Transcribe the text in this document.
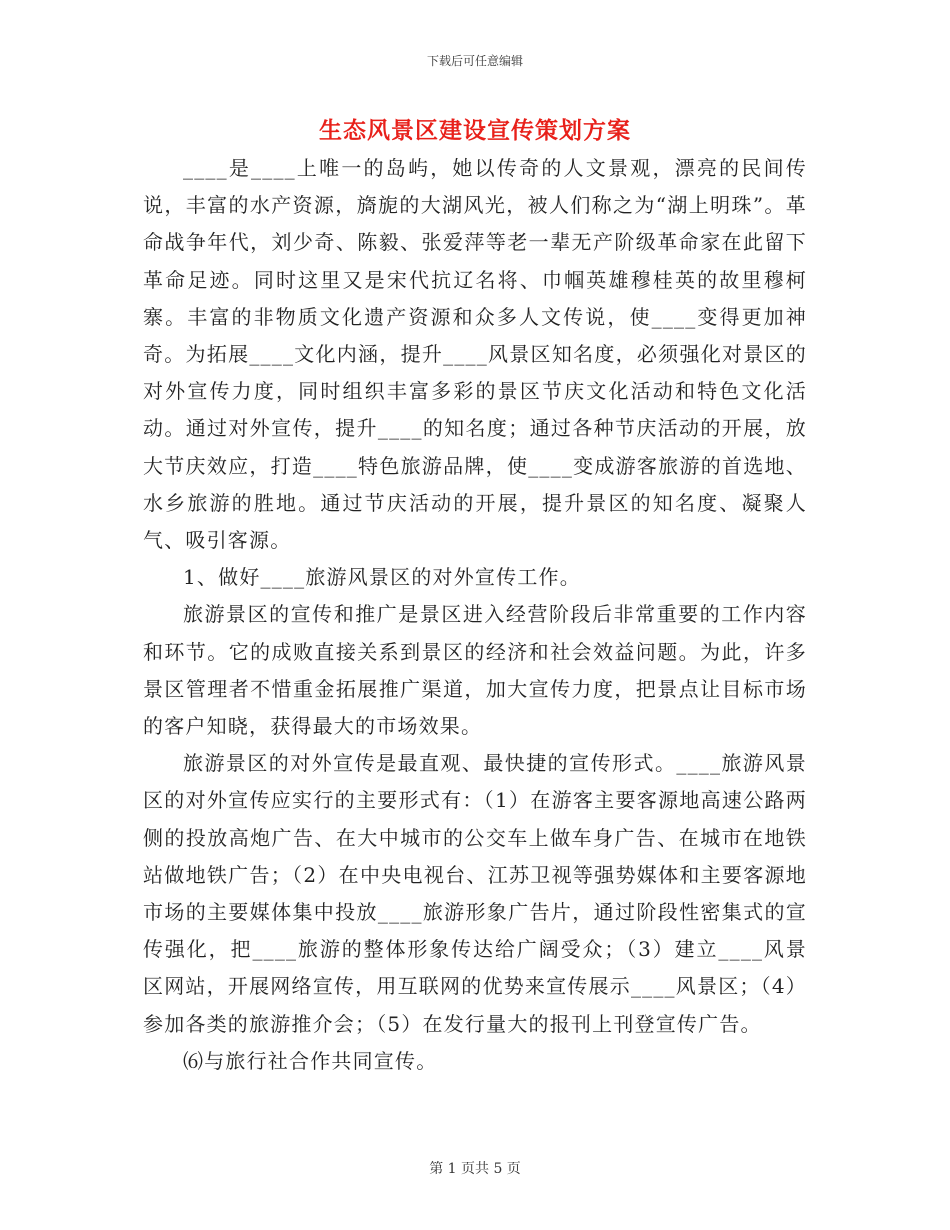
下载后可任意编辑
生态风景区建设宣传策划方案

____是____上唯一的岛屿，她以传奇的人文景观，漂亮的民间传说，丰富的水产资源，旖旎的大湖风光，被人们称之为“湖上明珠”。革命战争年代，刘少奇、陈毅、张爱萍等老一辈无产阶级革命家在此留下革命足迹。同时这里又是宋代抗辽名将、巾帼英雄穆桂英的故里穆柯寨。丰富的非物质文化遗产资源和众多人文传说，使____变得更加神奇。为拓展____文化内涵，提升____风景区知名度，必须强化对景区的对外宣传力度，同时组织丰富多彩的景区节庆文化活动和特色文化活动。通过对外宣传，提升____的知名度；通过各种节庆活动的开展，放大节庆效应，打造____特色旅游品牌，使____变成游客旅游的首选地、水乡旅游的胜地。通过节庆活动的开展，提升景区的知名度、凝聚人气、吸引客源。

1、做好____旅游风景区的对外宣传工作。

旅游景区的宣传和推广是景区进入经营阶段后非常重要的工作内容和环节。它的成败直接关系到景区的经济和社会效益问题。为此，许多景区管理者不惜重金拓展推广渠道，加大宣传力度，把景点让目标市场的客户知晓，获得最大的市场效果。

旅游景区的对外宣传是最直观、最快捷的宣传形式。____旅游风景区的对外宣传应实行的主要形式有：（1）在游客主要客源地高速公路两侧的投放高炮广告、在大中城市的公交车上做车身广告、在城市在地铁站做地铁广告；（2）在中央电视台、江苏卫视等强势媒体和主要客源地市场的主要媒体集中投放____旅游形象广告片，通过阶段性密集式的宣传强化，把____旅游的整体形象传达给广阔受众；（3）建立____风景区网站，开展网络宣传，用互联网的优势来宣传展示____风景区；（4）参加各类的旅游推介会；（5）在发行量大的报刊上刊登宣传广告。

⑹与旅行社合作共同宣传。

第 1 页共 5 页
